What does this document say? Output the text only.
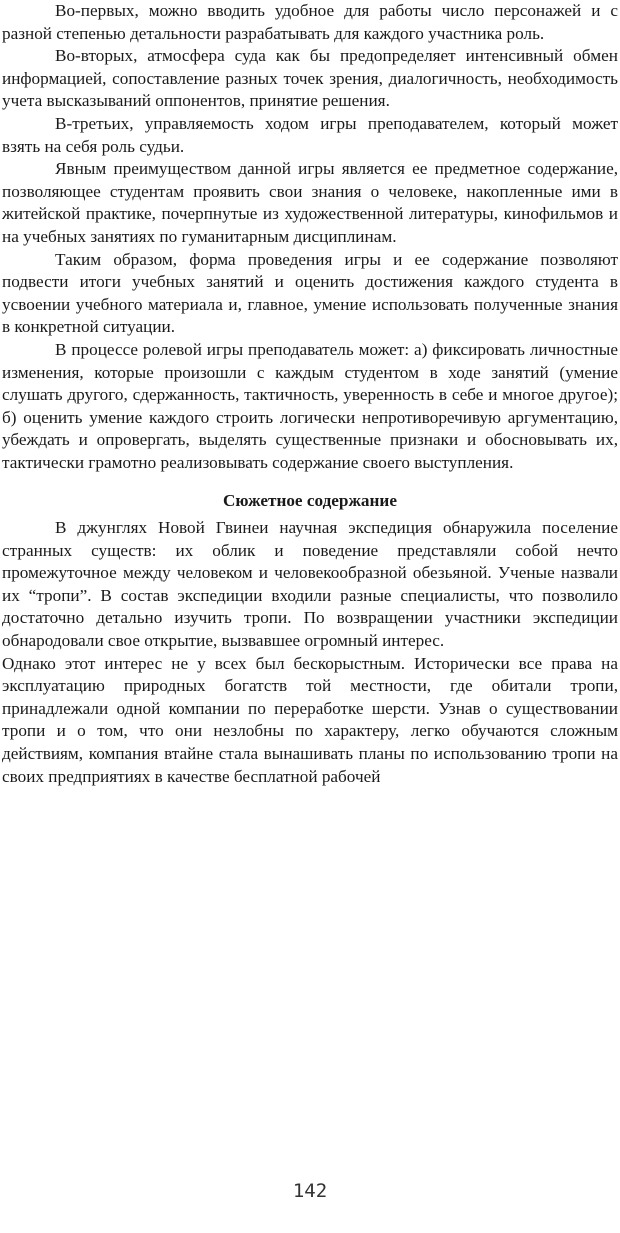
Во-первых, можно вводить удобное для работы число персонажей и с разной степенью детальности разрабатывать для каждого участника роль.

Во-вторых, атмосфера суда как бы предопределяет интенсивный обмен информацией, сопоставление разных точек зрения, диалогичность, необходимость учета высказываний оппонентов, принятие решения.

В-третьих, управляемость ходом игры преподавателем, который может взять на себя роль судьи.

Явным преимуществом данной игры является ее предметное содержание, позволяющее студентам проявить свои знания о человеке, накопленные ими в житейской практике, почерпнутые из художественной литературы, кинофильмов и на учебных занятиях по гуманитарным дисциплинам.

Таким образом, форма проведения игры и ее содержание позволяют подвести итоги учебных занятий и оценить достижения каждого студента в усвоении учебного материала и, главное, умение использовать полученные знания в конкретной ситуации.

В процессе ролевой игры преподаватель может: а) фиксировать личностные изменения, которые произошли с каждым студентом в ходе занятий (умение слушать другого, сдержанность, тактичность, уверенность в себе и многое другое); б) оценить умение каждого строить логически непротиворечивую аргументацию, убеждать и опровергать, выделять существенные признаки и обосновывать их, тактически грамотно реализовывать содержание своего выступления.

Сюжетное содержание

В джунглях Новой Гвинеи научная экспедиция обнаружила поселение странных существ: их облик и поведение представляли собой нечто промежуточное между человеком и человекообразной обезьяной. Ученые назвали их “тропи”. В состав экспедиции входили разные специалисты, что позволило достаточно детально изучить тропи. По возвращении участники экспедиции обнародовали свое открытие, вызвавшее огромный интерес.

Однако этот интерес не у всех был бескорыстным. Исторически все права на эксплуатацию природных богатств той местности, где обитали тропи, принадлежали одной компании по переработке шерсти. Узнав о существовании тропи и о том, что они незлобны по характеру, легко обучаются сложным действиям, компания втайне стала вынашивать планы по использованию тропи на своих предприятиях в качестве бесплатной рабочей

142
